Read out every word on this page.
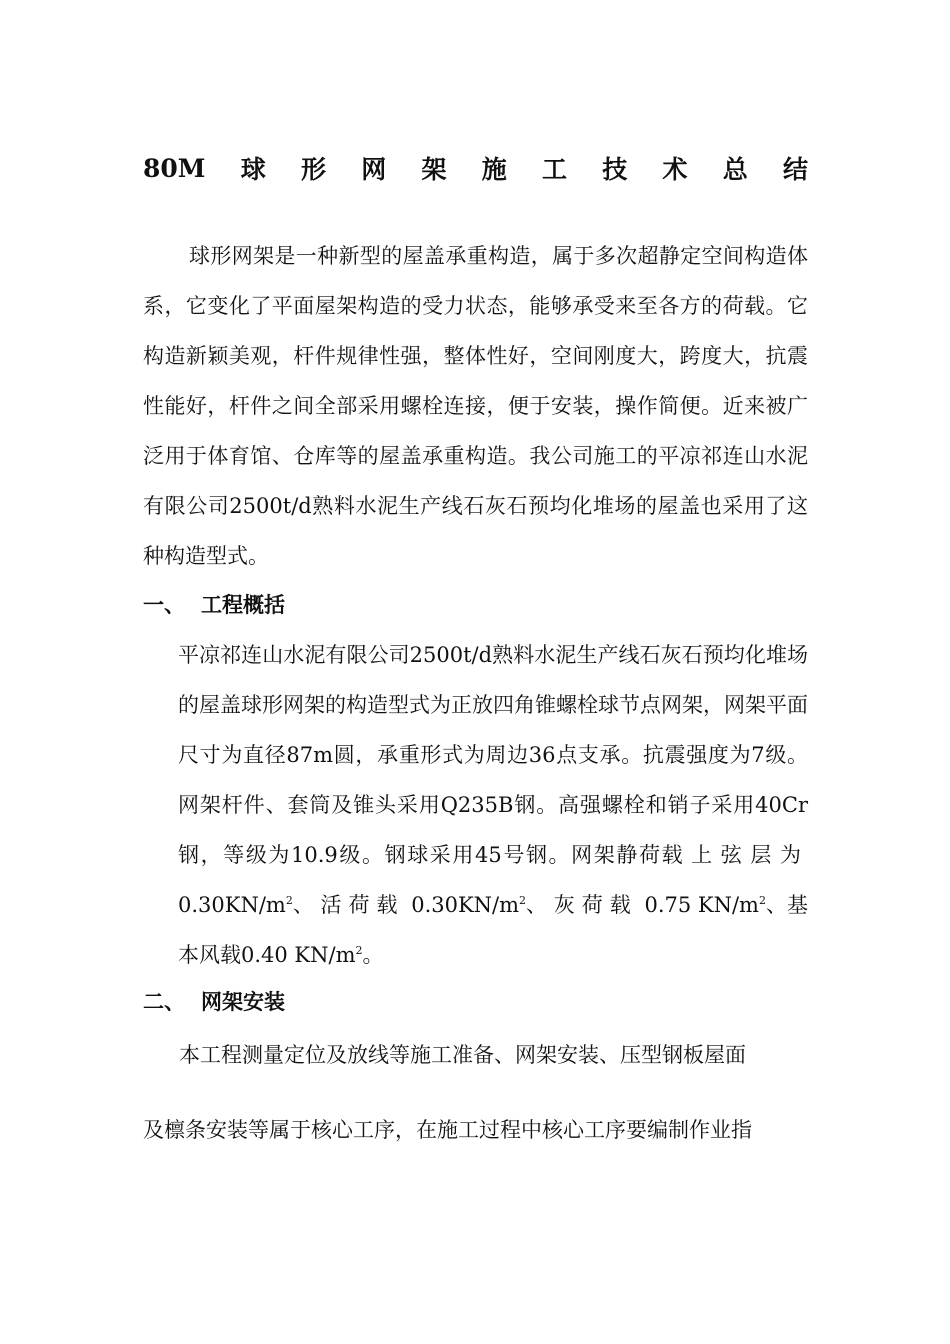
80M 球 形 网 架 施 工 技 术 总 结
球形网架是一种新型的屋盖承重构造，属于多次超静定空间构造体系，它变化了平面屋架构造的受力状态，能够承受来至各方的荷载。它构造新颖美观，杆件规律性强，整体性好，空间刚度大，跨度大，抗震性能好，杆件之间全部采用螺栓连接，便于安装，操作简便。近来被广泛用于体育馆、仓库等的屋盖承重构造。我公司施工的平凉祁连山水泥有限公司2500t/d熟料水泥生产线石灰石预均化堆场的屋盖也采用了这种构造型式。
一、 工程概括
平凉祁连山水泥有限公司2500t/d熟料水泥生产线石灰石预均化堆场的屋盖球形网架的构造型式为正放四角锥螺栓球节点网架，网架平面尺寸为直径87m圆，承重形式为周边36点支承。抗震强度为7级。网架杆件、套筒及锥头采用Q235B钢。高强螺栓和销子采用40Cr钢，等级为10.9级。钢球采用45号钢。网架静荷载上弦层为 $0.30KN/m^2$、 活荷载 $0.30KN/m^2$、 灰荷载 0.75 $KN/m^2$、基本风载0.40 $KN/m^2$。
二、 网架安装
本工程测量定位及放线等施工准备、网架安装、压型钢板屋面
及檩条安装等属于核心工序，在施工过程中核心工序要编制作业指
